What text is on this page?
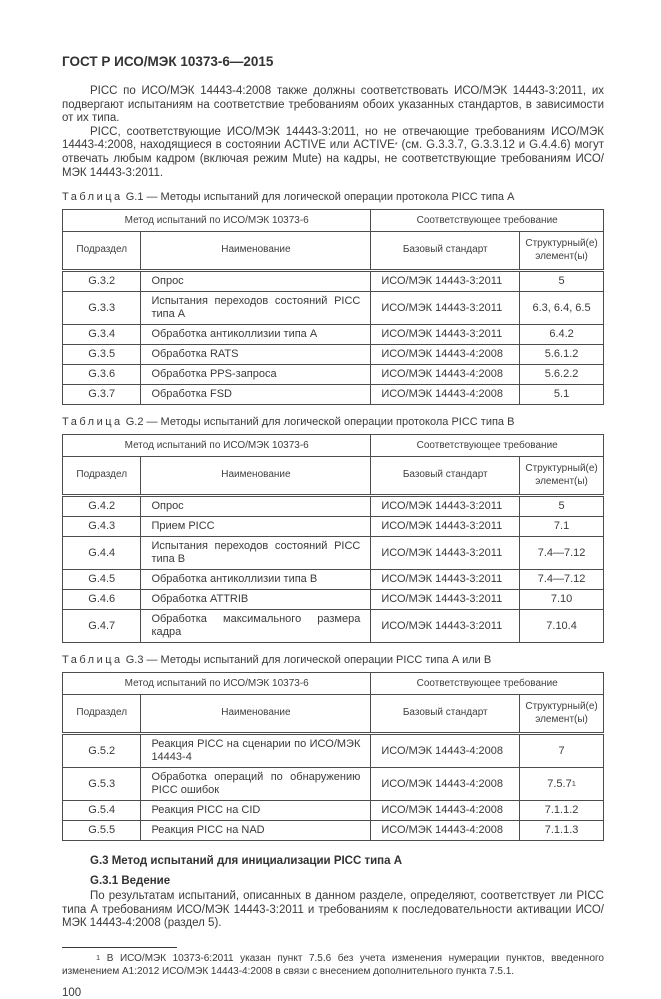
ГОСТ Р ИСО/МЭК 10373-6—2015

PICC по ИСО/МЭК 14443-4:2008 также должны соответствовать ИСО/МЭК 14443-3:2011, их подвергают испытаниям на соответствие требованиям обоих указанных стандартов, в зависимости от их типа.

PICC, соответствующие ИСО/МЭК 14443-3:2011, но не отвечающие требованиям ИСО/МЭК 14443-4:2008, находящиеся в состоянии ACTIVE или ACTIVE* (см. G.3.3.7, G.3.3.12 и G.4.4.6) могут отвечать любым кадром (включая режим Mute) на кадры, не соответствующие требованиям ИСО/МЭК 14443-3:2011.

Таблица G.1 — Методы испытаний для логической операции протокола PICC типа А
Метод испытаний по ИСО/МЭК 10373-6		Соответствующее требование	
Подраздел	Наименование	Базовый стандарт	Структурный(е) элемент(ы)
G.3.2	Опрос	ИСО/МЭК 14443-3:2011	5
G.3.3	Испытания переходов состояний PICC типа А	ИСО/МЭК 14443-3:2011	6.3, 6.4, 6.5
G.3.4	Обработка антиколлизии типа А	ИСО/МЭК 14443-3:2011	6.4.2
G.3.5	Обработка RATS	ИСО/МЭК 14443-4:2008	5.6.1.2
G.3.6	Обработка PPS-запроса	ИСО/МЭК 14443-4:2008	5.6.2.2
G.3.7	Обработка FSD	ИСО/МЭК 14443-4:2008	5.1
Таблица G.2 — Методы испытаний для логической операции протокола PICC типа В
Метод испытаний по ИСО/МЭК 10373-6		Соответствующее требование	
Подраздел	Наименование	Базовый стандарт	Структурный(е) элемент(ы)
G.4.2	Опрос	ИСО/МЭК 14443-3:2011	5
G.4.3	Прием PICC	ИСО/МЭК 14443-3:2011	7.1
G.4.4	Испытания переходов состояний PICC типа В	ИСО/МЭК 14443-3:2011	7.4—7.12
G.4.5	Обработка антиколлизии типа В	ИСО/МЭК 14443-3:2011	7.4—7.12
G.4.6	Обработка ATTRIB	ИСО/МЭК 14443-3:2011	7.10
G.4.7	Обработка максимального размера кадра	ИСО/МЭК 14443-3:2011	7.10.4
Таблица G.3 — Методы испытаний для логической операции PICC типа А или В
Метод испытаний по ИСО/МЭК 10373-6		Соответствующее требование	
Подраздел	Наименование	Базовый стандарт	Структурный(е) элемент(ы)
G.5.2	Реакция PICC на сценарии по ИСО/МЭК 14443-4	ИСО/МЭК 14443-4:2008	7
G.5.3	Обработка операций по обнаружению PICC ошибок	ИСО/МЭК 14443-4:2008	7.5.7$^1$
G.5.4	Реакция PICC на CID	ИСО/МЭК 14443-4:2008	7.1.1.2
G.5.5	Реакция PICC на NAD	ИСО/МЭК 14443-4:2008	7.1.1.3
G.3 Метод испытаний для инициализации PICC типа А
G.3.1 Ведение

По результатам испытаний, описанных в данном разделе, определяют, соответствует ли PICC типа А требованиям ИСО/МЭК 14443-3:2011 и требованиям к последовательности активации ИСО/МЭК 14443-4:2008 (раздел 5).

$^1$ В ИСО/МЭК 10373-6:2011 указан пункт 7.5.6 без учета изменения нумерации пунктов, введенного изменением А1:2012 ИСО/МЭК 14443-4:2008 в связи с внесением дополнительного пункта 7.5.1.

100
